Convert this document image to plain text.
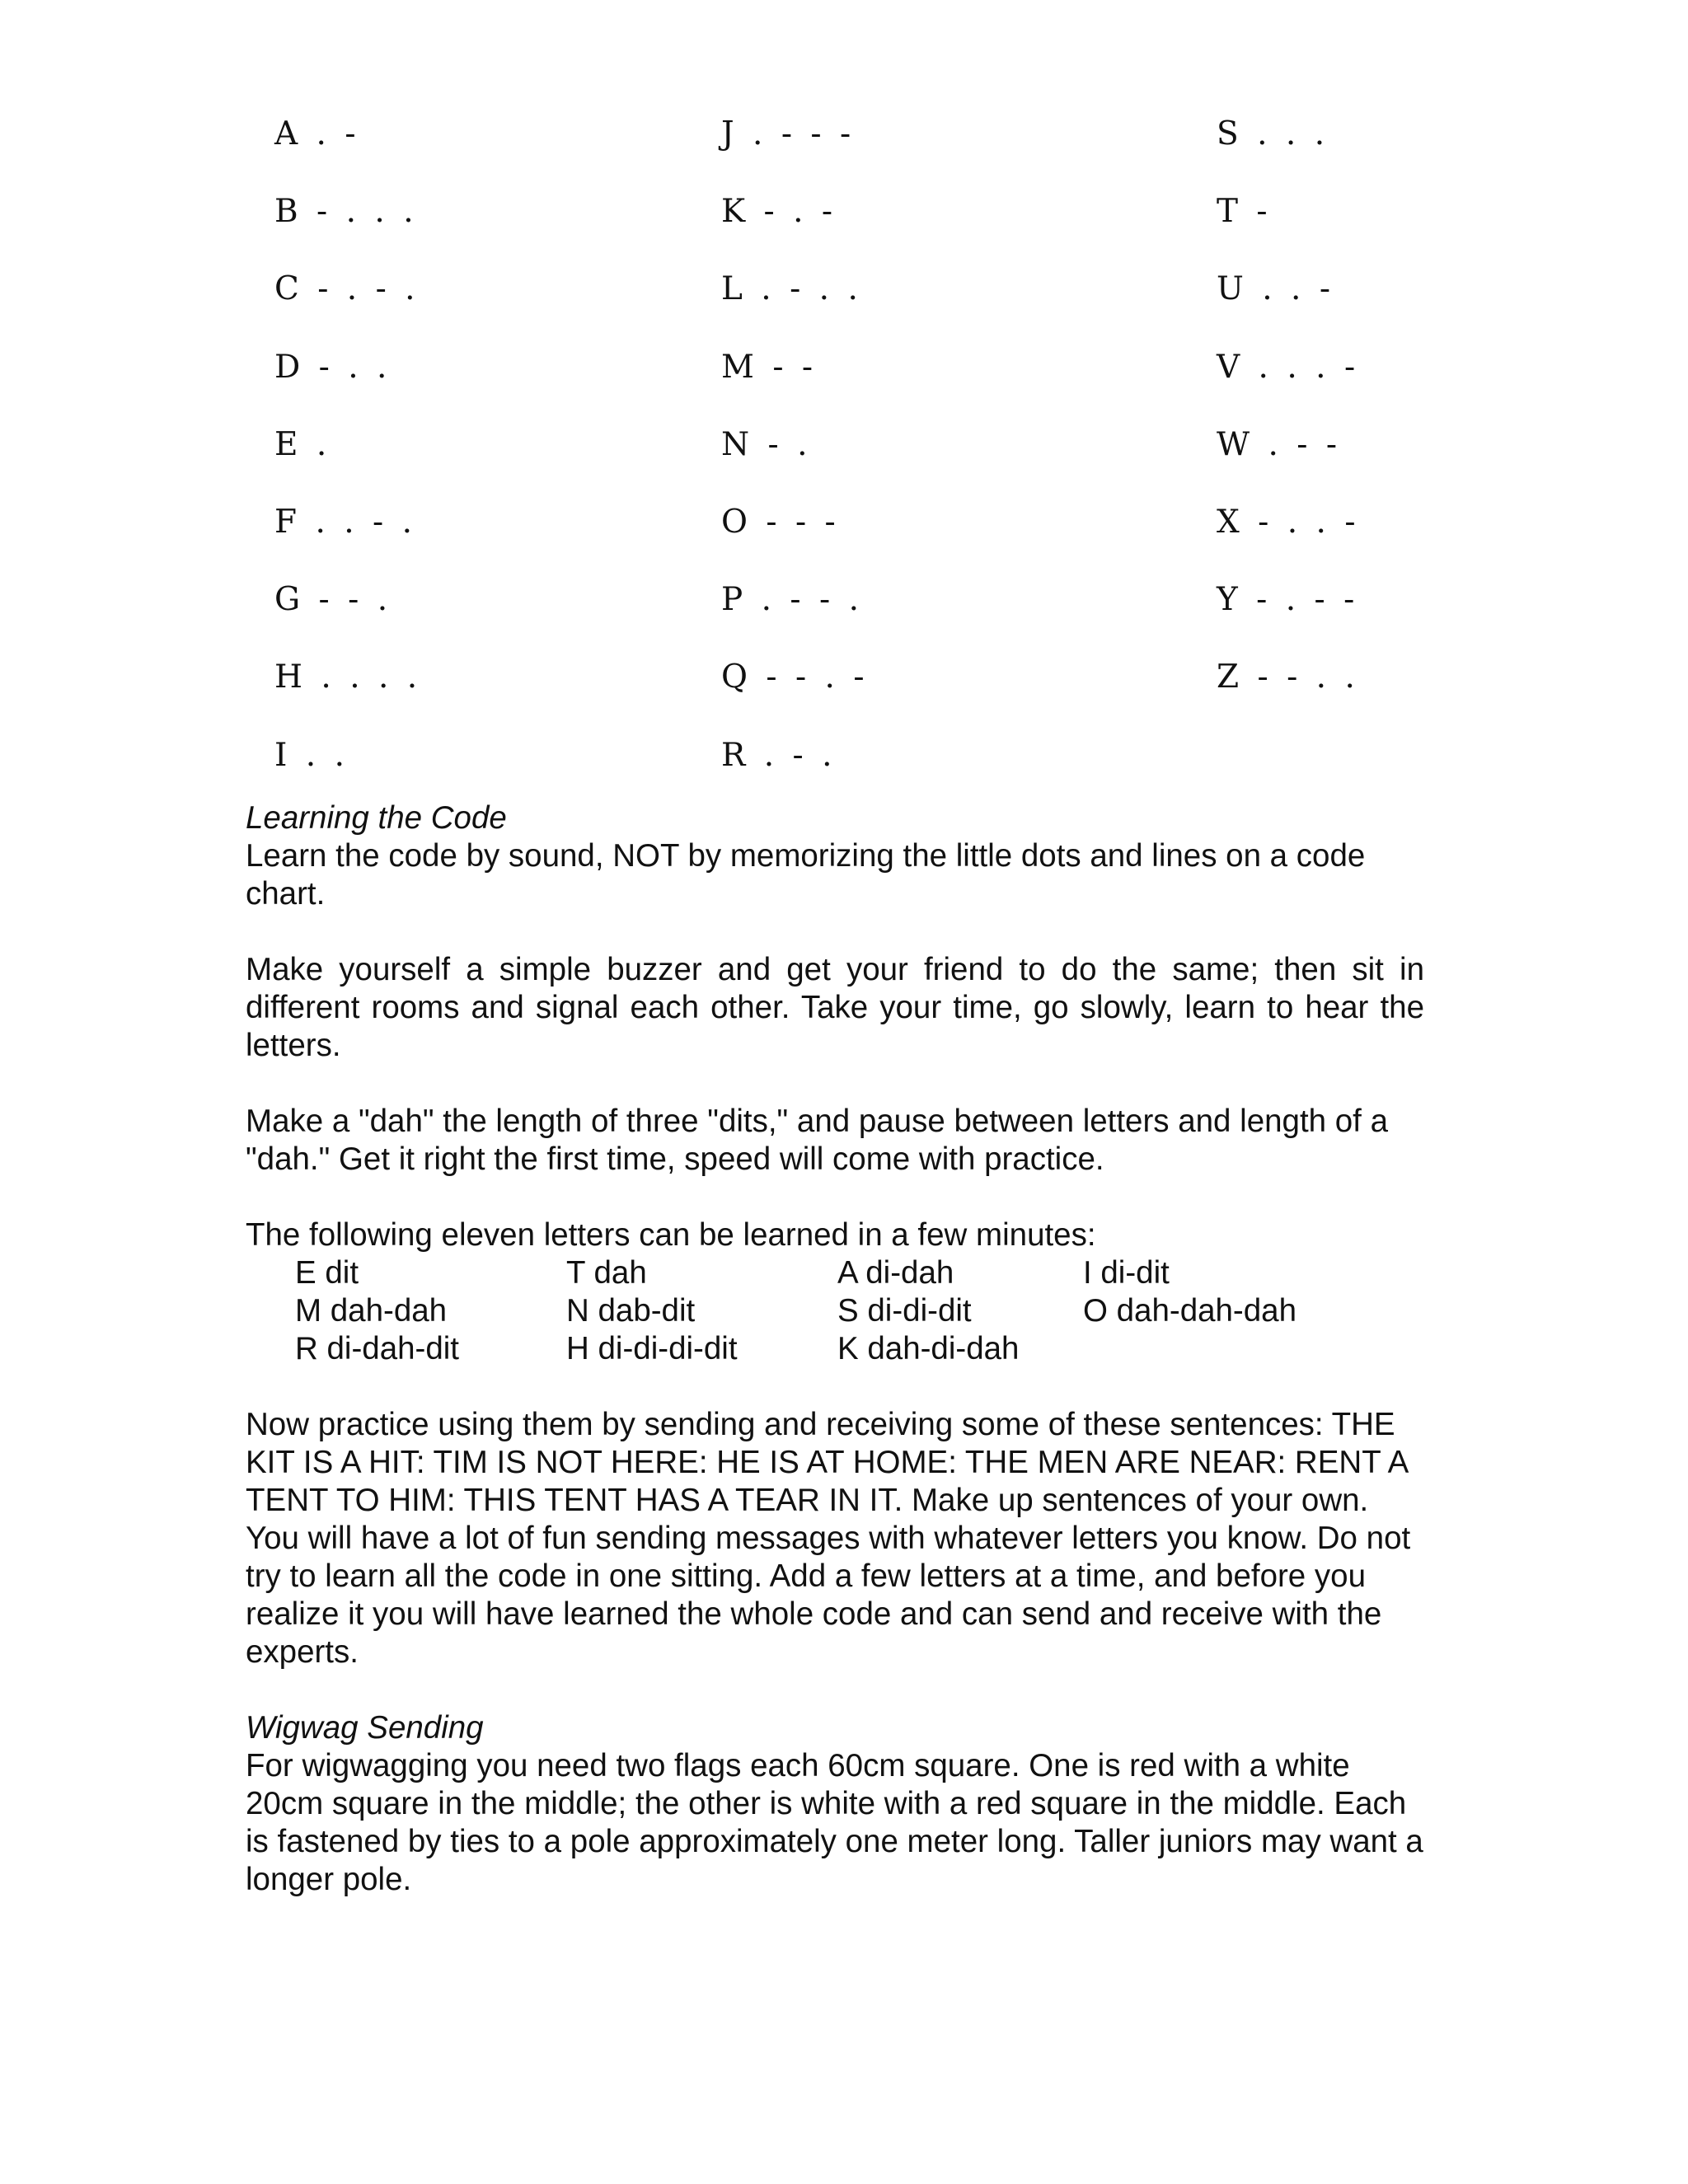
A . -
B - . . .
C - . - .
D - . .
E .
F . . - .
G - - .
H . . . .
I . .
J . - - -
K - . -
L . - . .
M - -
N - .
O - - -
P . - - .
Q - - . -
R . - .
S . . .
T -
U . . -
V . . . -
W . - -
X - . . -
Y - . - -
Z - - . .

Learning the Code

Learn the code by sound, NOT by memorizing the little dots and lines on a code chart.

Make yourself a simple buzzer and get your friend to do the same; then sit in different rooms and signal each other. Take your time, go slowly, learn to hear the letters.

Make a "dah" the length of three "dits," and pause between letters and length of a "dah." Get it right the first time, speed will come with practice.

The following eleven letters can be learned in a few minutes:

E dit	T dah	A di-dah	I di-dit
M dah-dah	N dab-dit	S di-di-dit	O dah-dah-dah
R di-dah-dit	H di-di-di-dit	K dah-di-dah

Now practice using them by sending and receiving some of these sentences: THE KIT IS A HIT: TIM IS NOT HERE: HE IS AT HOME: THE MEN ARE NEAR: RENT A TENT TO HIM: THIS TENT HAS A TEAR IN IT. Make up sentences of your own. You will have a lot of fun sending messages with whatever letters you know. Do not try to learn all the code in one sitting. Add a few letters at a time, and before you realize it you will have learned the whole code and can send and receive with the experts.

Wigwag Sending

For wigwagging you need two flags each 60cm square. One is red with a white 20cm square in the middle; the other is white with a red square in the middle. Each is fastened by ties to a pole approximately one meter long. Taller juniors may want a longer pole.
